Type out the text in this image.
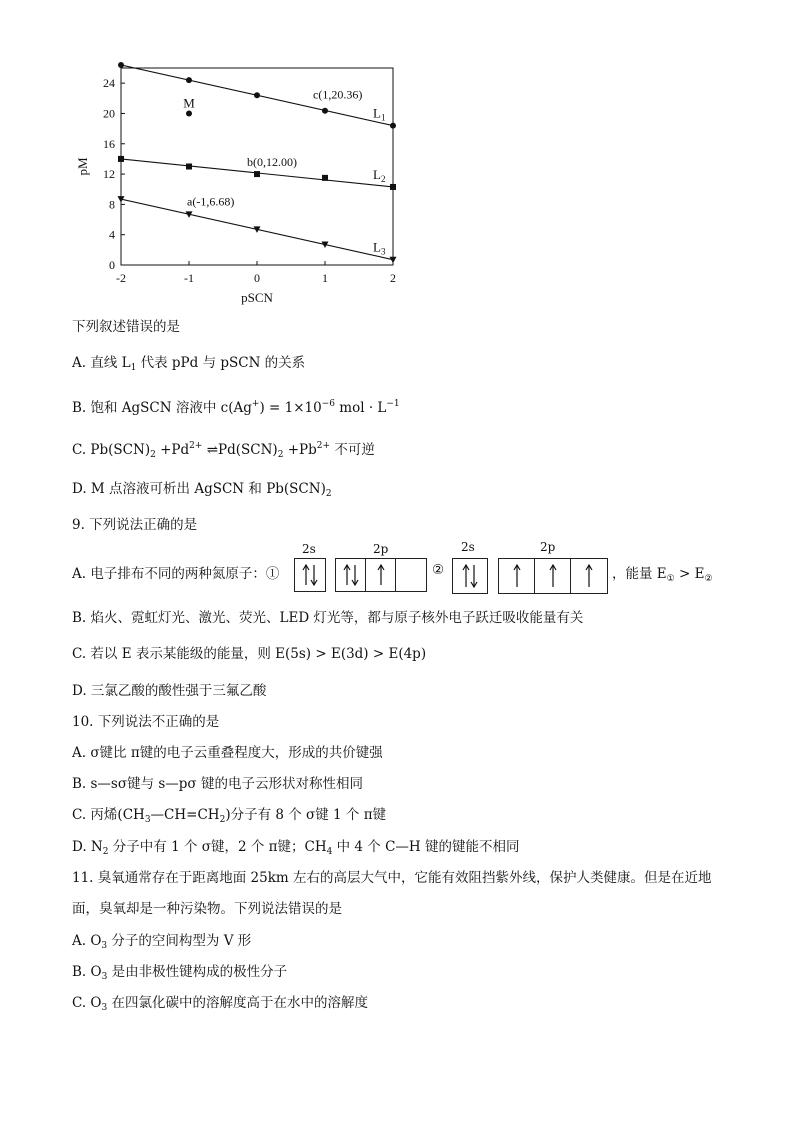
-2	-1	0	1	2
0
4
8
12
16
20
24
pSCN
pM
$L_1$
$L_2$
$L_3$
M
c(1,20.36)
b(0,12.00)
a(-1,6.68)
下列叙述错误的是
A. 直线 $L_1$ 代表 pPd 与 pSCN 的关系
B. 饱和 AgSCN 溶液中 $c(Ag^+) = 1\times 10^{-6}$ mol · $L^{-1}$
C. $Pb(SCN)_2 +Pd^{2+}$ $\rightleftharpoons Pd(SCN)_2 +Pb^{2+}$ 不可逆
D. M 点溶液可析出 AgSCN 和 $Pb(SCN)_2$
9. 下列说法正确的是
A. 电子排布不同的两种氮原子：①
2s	2p
②
2s	2p
，能量 $E_① > E_②$
B. 焰火、霓虹灯光、激光、荧光、LED 灯光等，都与原子核外电子跃迁吸收能量有关
C. 若以 E 表示某能级的能量，则 E(5s) > E(3d) > E(4p)
D. 三氯乙酸的酸性强于三氟乙酸
10. 下列说法不正确的是
A. σ键比 π键的电子云重叠程度大，形成的共价键强
B. s—sσ键与 s—pσ 键的电子云形状对称性相同
C. 丙烯$(CH_3—CH=CH_2)$分子有 8 个 σ键 1 个 π键
D. $N_2$ 分子中有 1 个 σ键，2 个 π键；$CH_4$ 中 4 个 C—H 键的键能不相同
11. 臭氧通常存在于距离地面 25km 左右的高层大气中，它能有效阻挡紫外线，保护人类健康。但是在近地
面，臭氧却是一种污染物。下列说法错误的是
A. $O_3$ 分子的空间构型为 V 形
B. $O_3$ 是由非极性键构成的极性分子
C. $O_3$ 在四氯化碳中的溶解度高于在水中的溶解度
